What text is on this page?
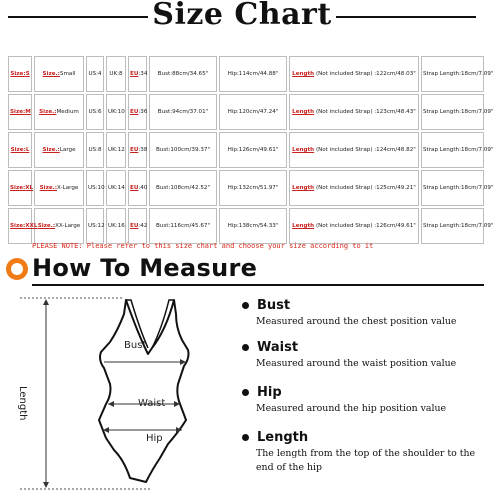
Size Chart
Size:S	Size.:Small	US:4	UK:8	EU:34	Bust:88cm/34.65"	Hip:114cm/44.88"	Length (Not included Strap) :122cm/48.03"	Strap Length:18cm/7.09"
Size:M	Size.:Medium	US:6	UK:10	EU:36	Bust:94cm/37.01"	Hip:120cm/47.24"	Length (Not included Strap) :123cm/48.43"	Strap Length:18cm/7.09"
Size:L	Size.:Large	US:8	UK:12	EU:38	Bust:100cm/39.37"	Hip:126cm/49.61"	Length (Not included Strap) :124cm/48.82"	Strap Length:18cm/7.09"
Size:XL	Size.:X-Large	US:10	UK:14	EU:40	Bust:108cm/42.52"	Hip:132cm/51.97"	Length (Not included Strap) :125cm/49.21"	Strap Length:18cm/7.09"
Size:XXL	Size.:XX-Large	US:12	UK:16	EU:42	Bust:116cm/45.67"	Hip:138cm/54.33"	Length (Not included Strap) :126cm/49.61"	Strap Length:18cm/7.09"
PLEASE NOTE: Please refer to this size chart and choose your size according to it
How To Measure
Bust
Waist
Hip
Length
Bust
Measured around the chest position value
Waist
Measured around the waist position value
Hip
Measured around the hip position value
Length
The length from the top of the shoulder to the end of the hip
